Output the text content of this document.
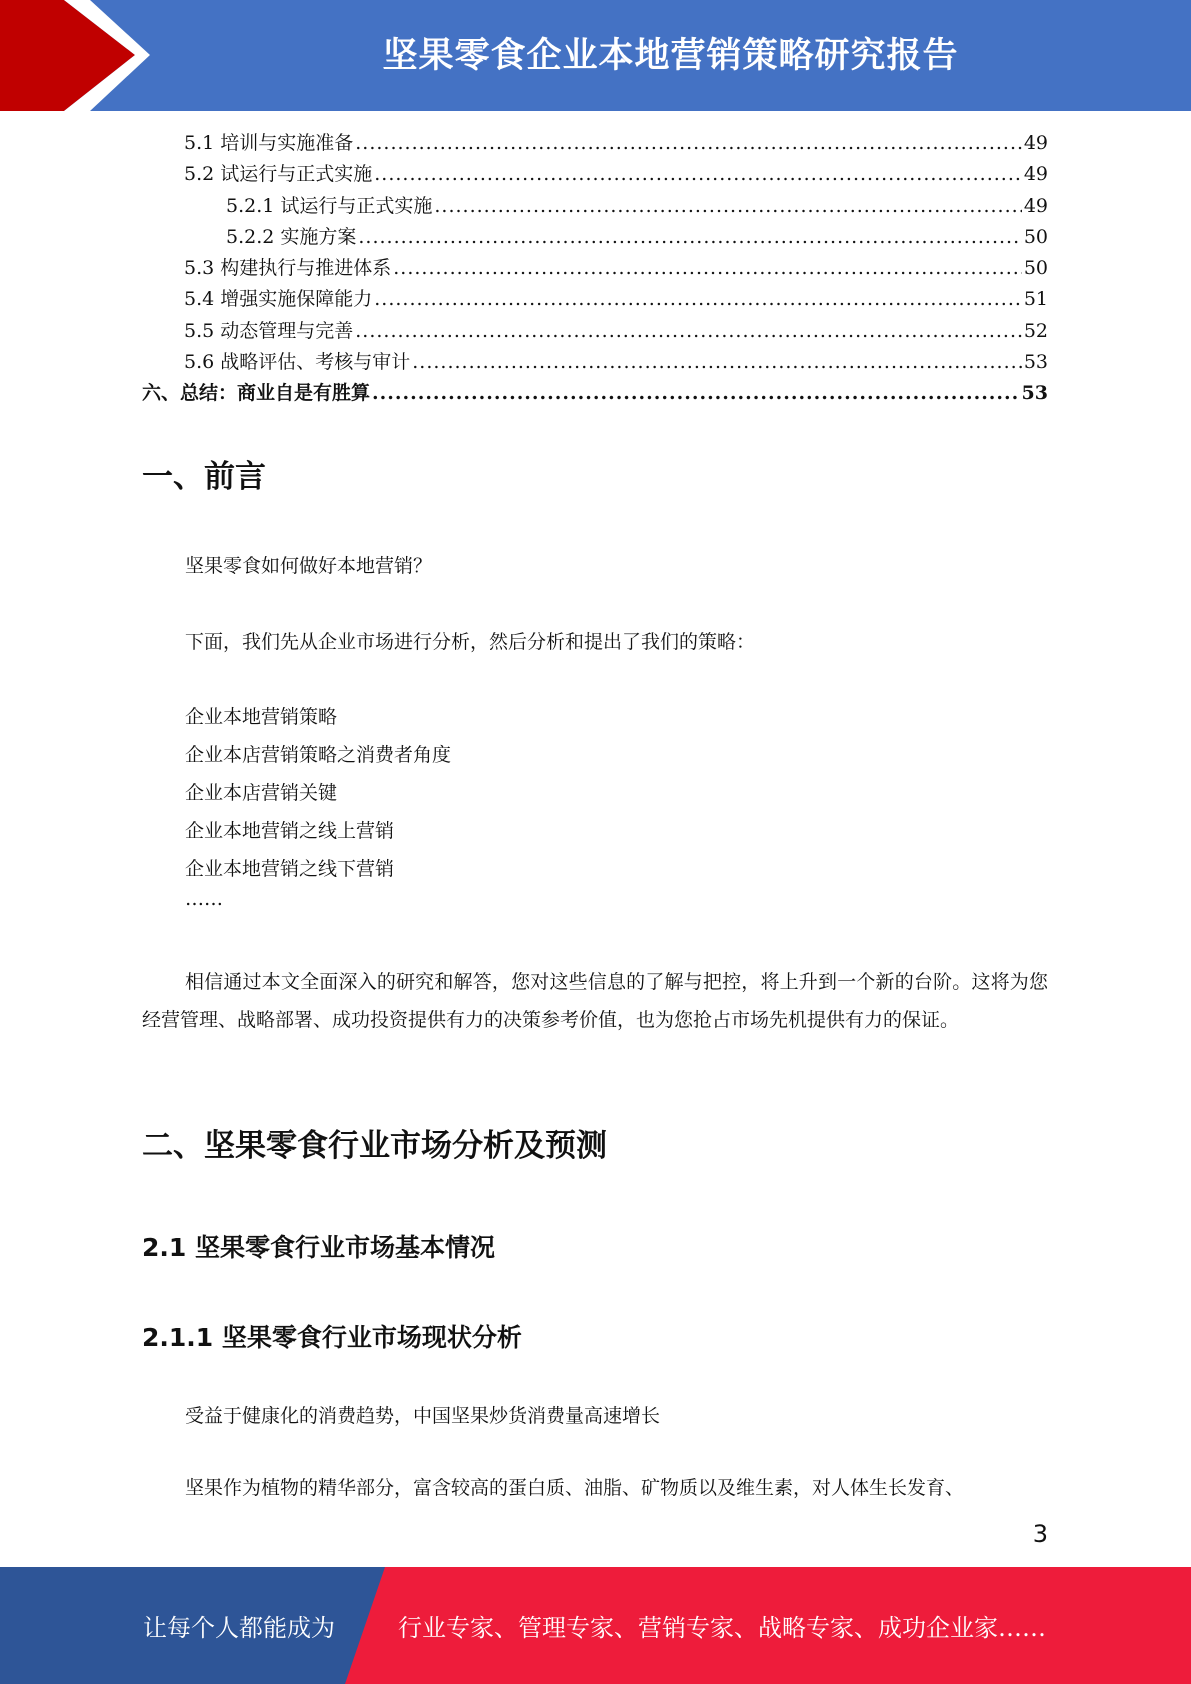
坚果零食企业本地营销策略研究报告
5.1 培训与实施准备 .....	49
5.2 试运行与正式实施 .....	49
5.2.1 试运行与正式实施 .....	49
5.2.2 实施方案 .....	50
5.3 构建执行与推进体系 .....	50
5.4 增强实施保障能力 .....	51
5.5 动态管理与完善 .....	52
5.6 战略评估、考核与审计 .....	53
六、总结：商业自是有胜算 .....	53
一、前言

坚果零食如何做好本地营销？

下面，我们先从企业市场进行分析，然后分析和提出了我们的策略：

企业本地营销策略
企业本店营销策略之消费者角度
企业本店营销关键
企业本地营销之线上营销
企业本地营销之线下营销
……

相信通过本文全面深入的研究和解答，您对这些信息的了解与把控，将上升到一个新的台阶。这将为您经营管理、战略部署、成功投资提供有力的决策参考价值，也为您抢占市场先机提供有力的保证。

二、坚果零食行业市场分析及预测
2.1 坚果零食行业市场基本情况
2.1.1 坚果零食行业市场现状分析

受益于健康化的消费趋势，中国坚果炒货消费量高速增长

坚果作为植物的精华部分，富含较高的蛋白质、油脂、矿物质以及维生素，对人体生长发育、

3
让每个人都能成为	行业专家、管理专家、营销专家、战略专家、成功企业家……
